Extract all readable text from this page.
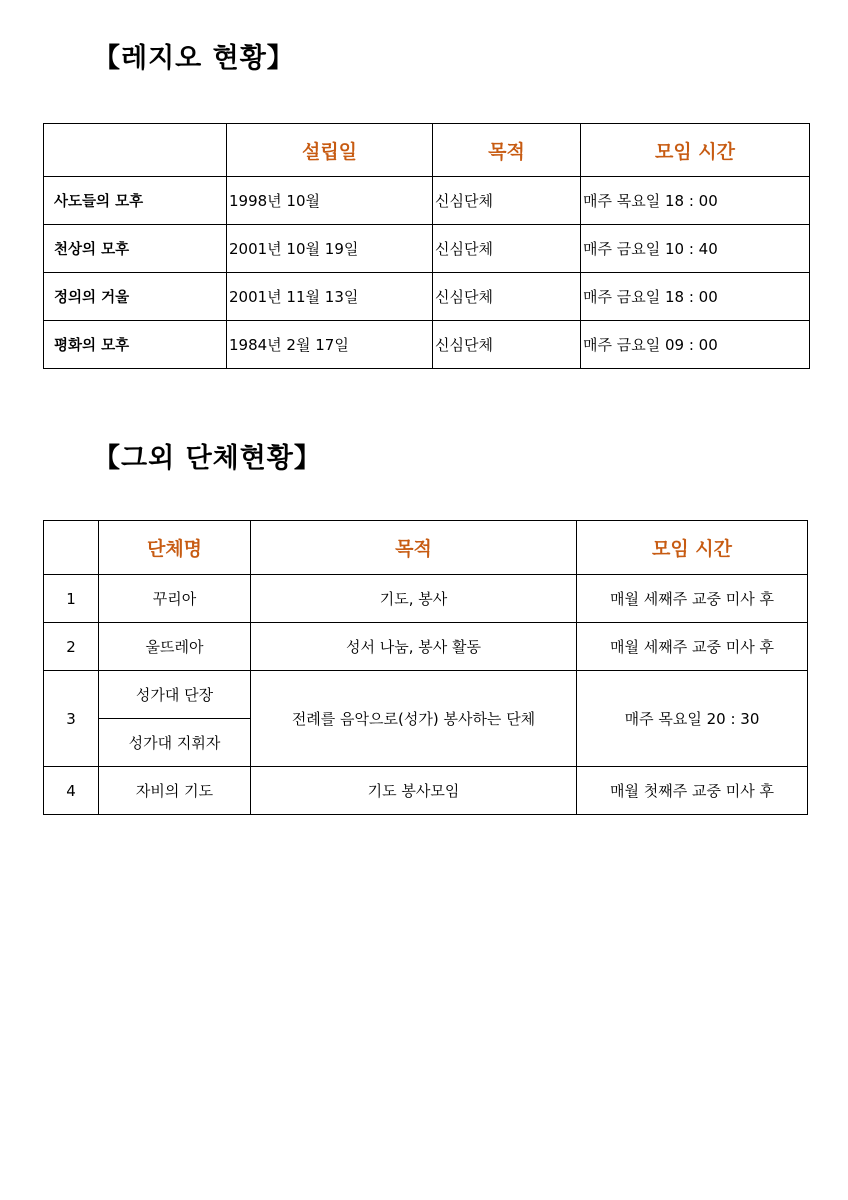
【레지오 현황】
	설립일	목적	모임 시간
사도들의 모후	1998년 10월	신심단체	매주 목요일 18 : 00
천상의 모후	2001년 10월 19일	신심단체	매주 금요일 10 : 40
정의의 거울	2001년 11월 13일	신심단체	매주 금요일 18 : 00
평화의 모후	1984년 2월 17일	신심단체	매주 금요일 09 : 00
【그외 단체현황】
	단체명	목적	모임 시간
1	꾸리아	기도, 봉사	매월 세째주 교중 미사 후
2	울뜨레아	성서 나눔, 봉사 활동	매월 세째주 교중 미사 후
3	성가대 단장	전례를 음악으로(성가) 봉사하는 단체	매주 목요일 20 : 30
	성가대 지휘자		
4	자비의 기도	기도 봉사모임	매월 첫째주 교중 미사 후
